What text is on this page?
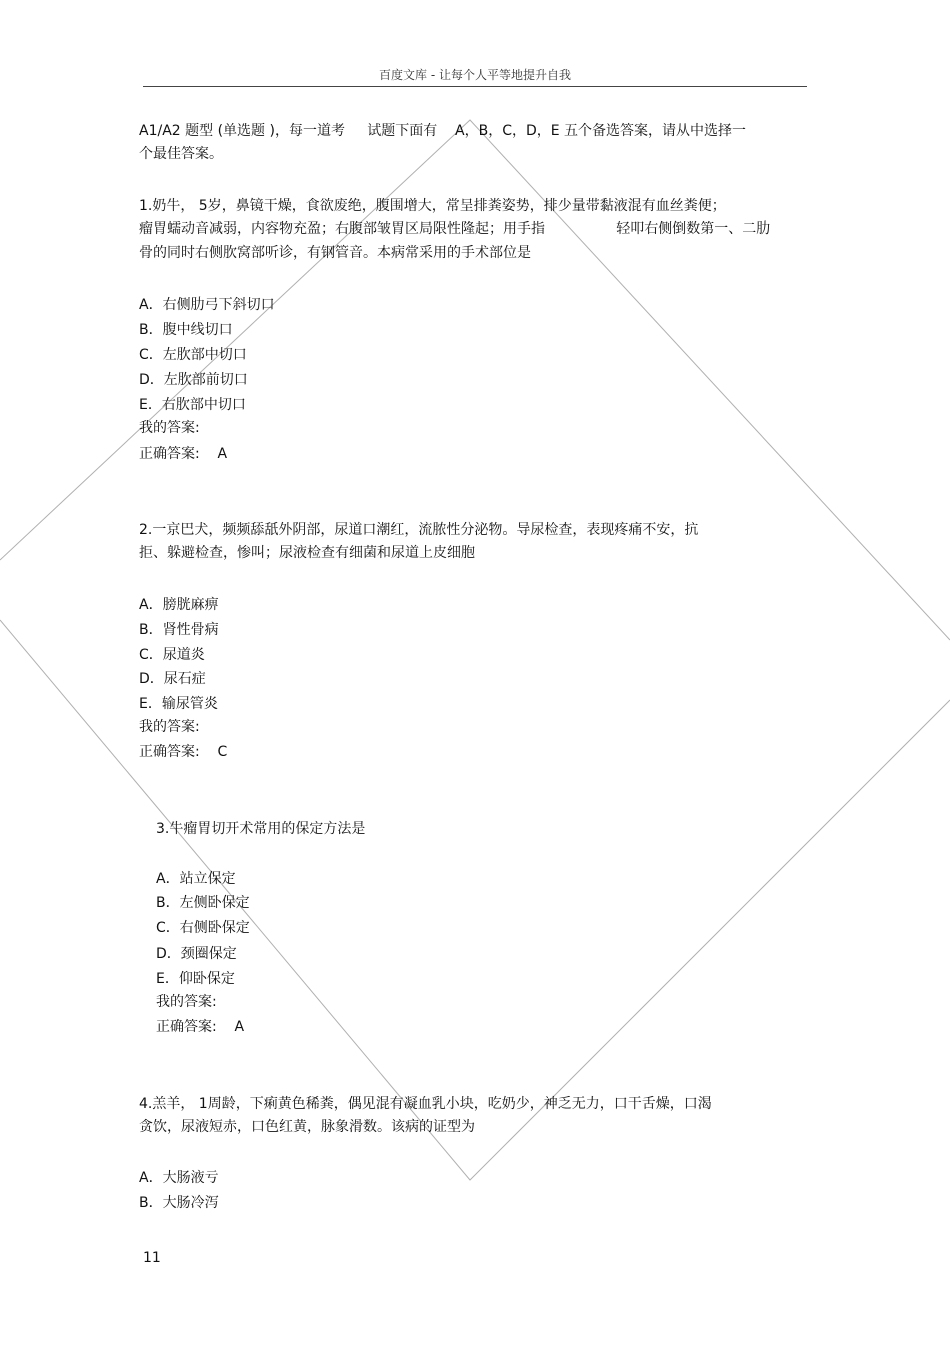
百度文库 - 让每个人平等地提升自我
A1/A2 题型 (单选题 )，每一道考     试题下面有    A，B，C，D，E 五个备选答案，请从中选择一
个最佳答案。
1.奶牛， 5岁，鼻镜干燥，食欲废绝，腹围增大，常呈排粪姿势，排少量带黏液混有血丝粪便；
瘤胃蠕动音减弱，内容物充盈；右腹部皱胃区局限性隆起；用手指                轻叩右侧倒数第一、二肋
骨的同时右侧肷窝部听诊，有钢管音。本病常采用的手术部位是
A．右侧肋弓下斜切口
B．腹中线切口
C．左肷部中切口
D．左肷部前切口
E．右肷部中切口
我的答案:
正确答案:    A
2.一京巴犬，频频舔舐外阴部，尿道口潮红，流脓性分泌物。导尿检查，表现疼痛不安，抗
拒、躲避检查，惨叫；尿液检查有细菌和尿道上皮细胞
A．膀胱麻痹
B．肾性骨病
C．尿道炎
D．尿石症
E．输尿管炎
我的答案:
正确答案:    C
3.牛瘤胃切开术常用的保定方法是
A．站立保定
B．左侧卧保定
C．右侧卧保定
D．颈圈保定
E．仰卧保定
我的答案:
正确答案:    A
4.羔羊， 1周龄，下痢黄色稀粪，偶见混有凝血乳小块，吃奶少，神乏无力，口干舌燥，口渴
贪饮，尿液短赤，口色红黄，脉象滑数。该病的证型为
A．大肠液亏
B．大肠冷泻
11
